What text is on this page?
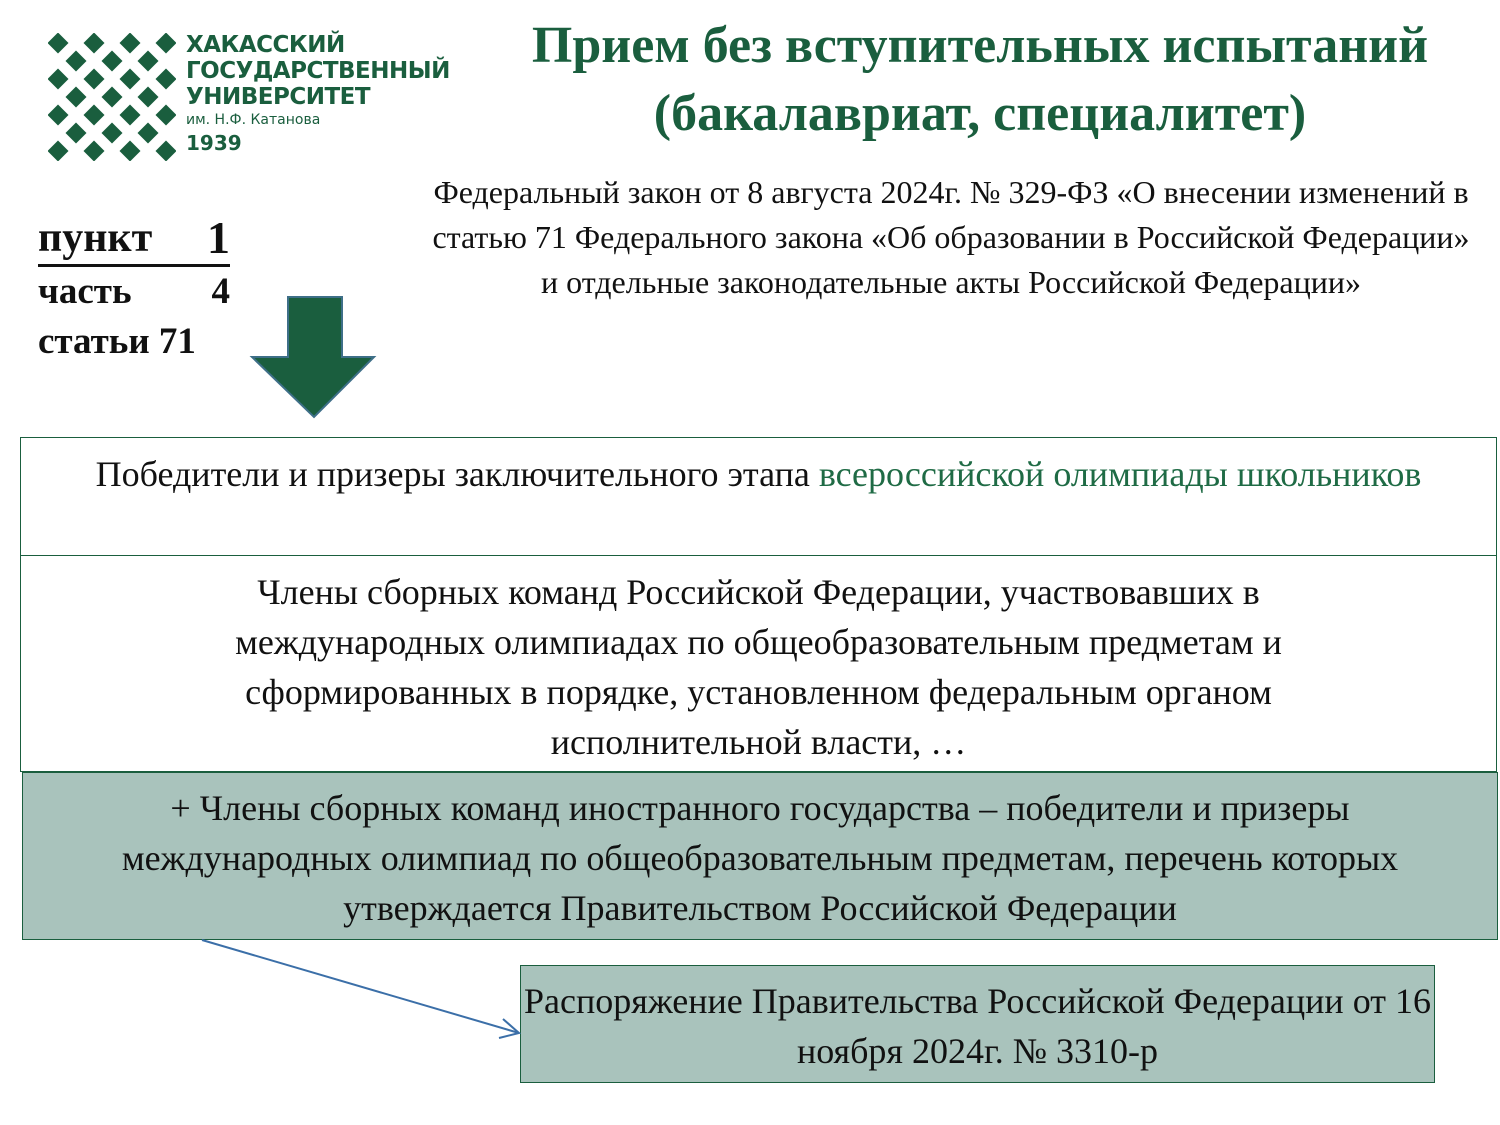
ХАКАССКИЙ
ГОСУДАРСТВЕННЫЙ
УНИВЕРСИТЕТ
им. Н.Ф. Катанова
1939
Прием без вступительных испытаний
(бакалавриат, специалитет)

Федеральный закон от 8 августа 2024г. № 329-ФЗ «О внесении изменений в статью 71 Федерального закона «Об образовании в Российской Федерации» и отдельные законодательные акты Российской Федерации»

пункт 1
часть 4
статьи 71
Победители и призеры заключительного этапа всероссийской олимпиады школьников
Члены сборных команд Российской Федерации, участвовавших в международных олимпиадах по общеобразовательным предметам и сформированных в порядке, установленном федеральным органом исполнительной власти, …
+ Члены сборных команд иностранного государства – победители и призеры международных олимпиад по общеобразовательным предметам, перечень которых утверждается Правительством Российской Федерации
Распоряжение Правительства Российской Федерации от 16 ноября 2024г. № 3310-р
